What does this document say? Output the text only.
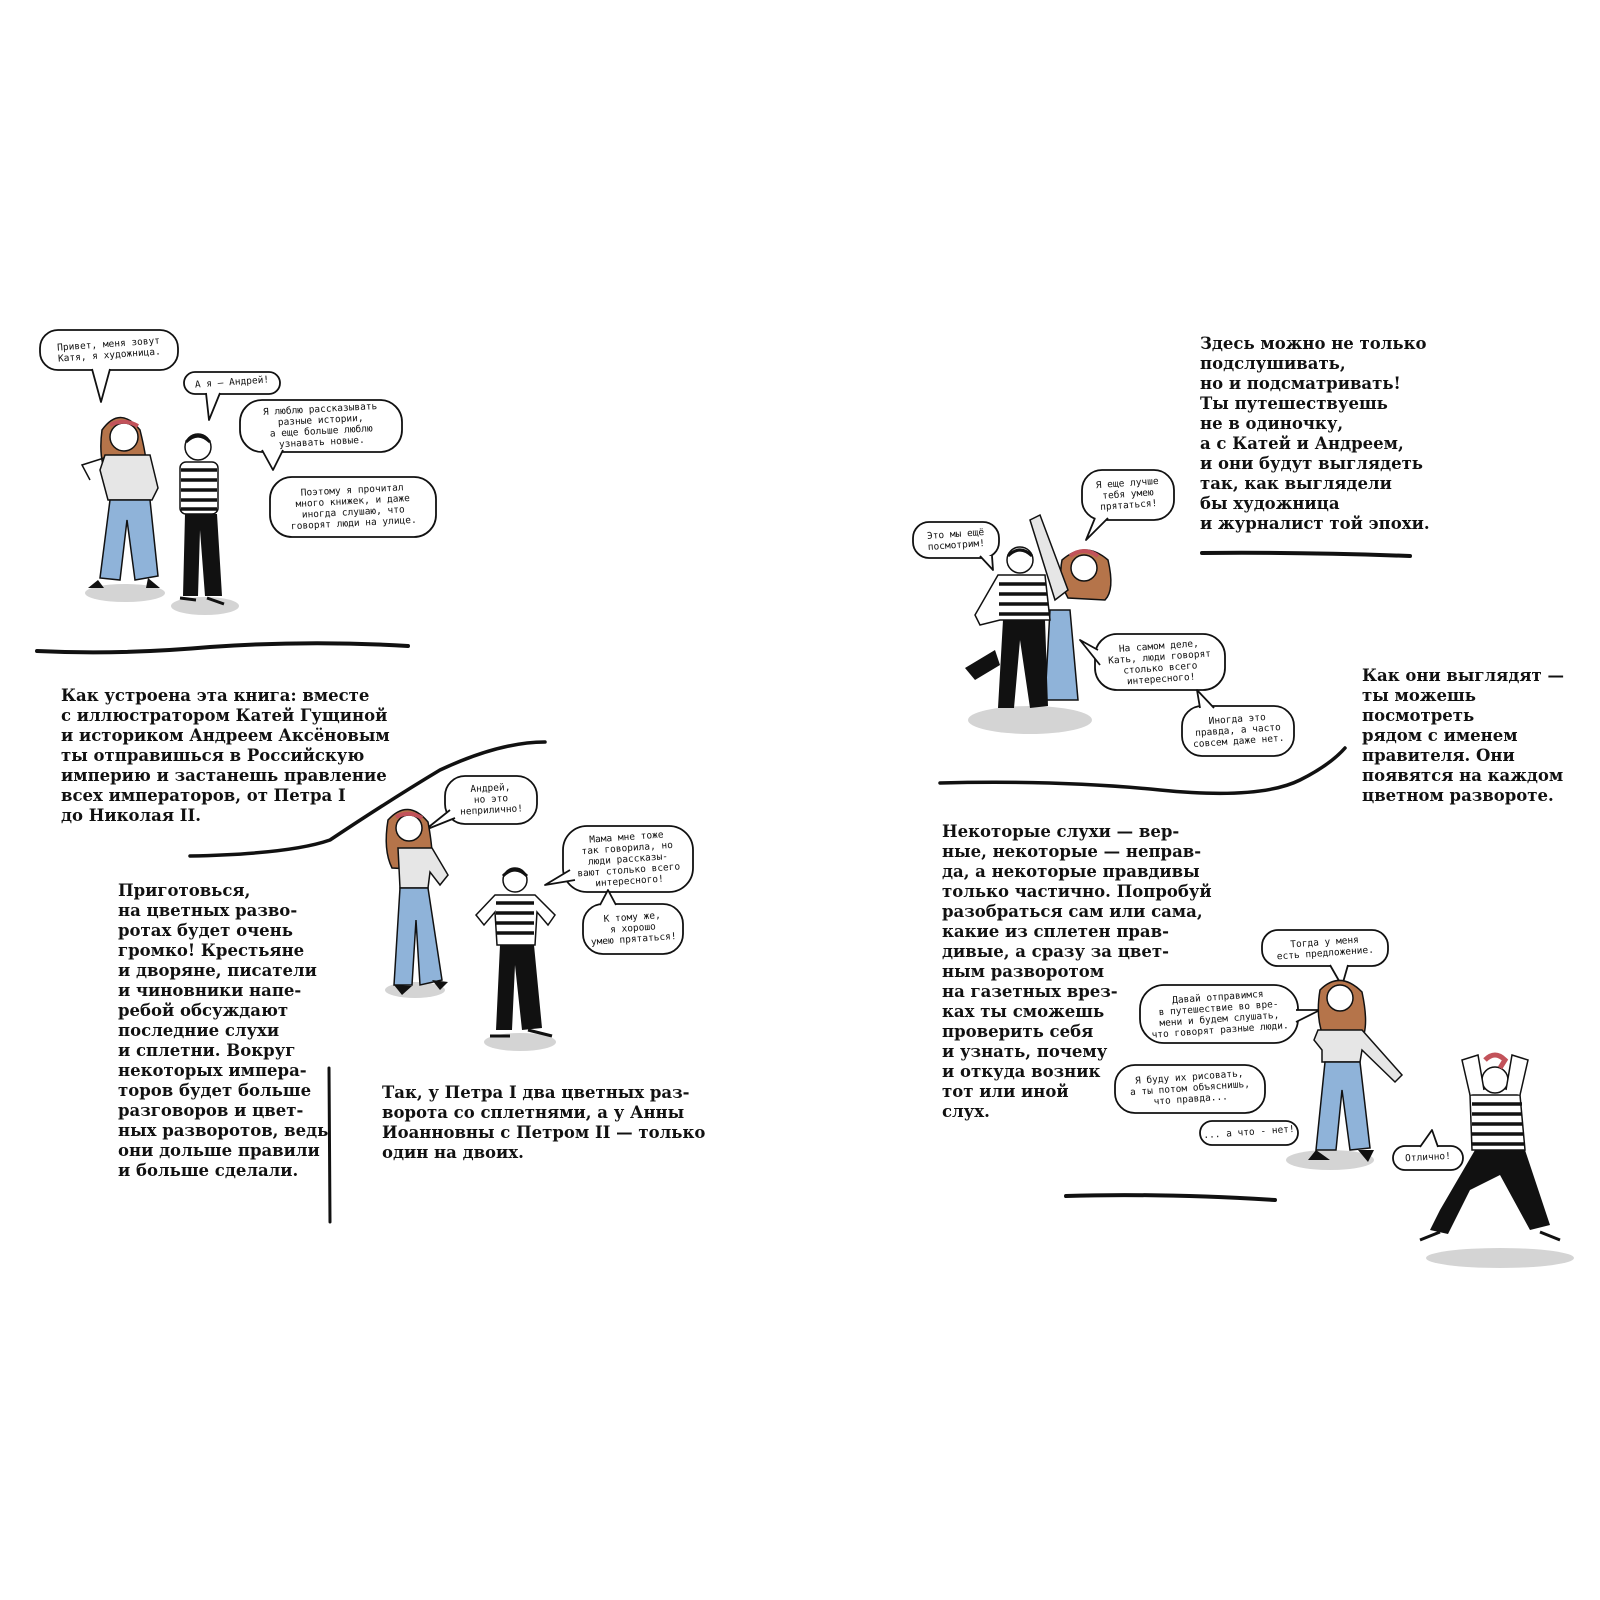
Привет, меня зовут
Катя, я художница.
А я – Андрей!
Я люблю рассказывать
разные истории,
а еще больше люблю
узнавать новые.
Поэтому я прочитал
много книжек, и даже
иногда слушаю, что
говорят люди на улице.
Андрей,
но это
неприлично!
Мама мне тоже
так говорила, но
люди рассказы-
вают столько всего
интересного!
К тому же,
я хорошо
умею прятаться!
Это мы ещё
посмотрим!
Я еще лучше
тебя умею
прятаться!
На самом деле,
Кать, люди говорят
столько всего
интересного!
Иногда это
правда, а часто
совсем даже нет.
Тогда у меня
есть предложение.
Давай отправимся
в путешествие во вре-
мени и будем слушать,
что говорят разные люди.
Я буду их рисовать,
а ты потом объяснишь,
что правда...
... а что - нет!
Отлично!
Как устроена эта книга: вместе
с иллюстратором Катей Гущиной
и историком Андреем Аксёновым
ты отправишься в Российскую
империю и застанешь правление
всех императоров, от Петра I
до Николая II.
Приготовься,
на цветных разво-
ротах будет очень
громко! Крестьяне
и дворяне, писатели
и чиновники напе-
ребой обсуждают
последние слухи
и сплетни. Вокруг
некоторых импера-
торов будет больше
разговоров и цвет-
ных разворотов, ведь
они дольше правили
и больше сделали.
Так, у Петра I два цветных раз-
ворота со сплетнями, а у Анны
Иоанновны с Петром II — только
один на двоих.
Здесь можно не только
подслушивать,
но и подсматривать!
Ты путешествуешь
не в одиночку,
а с Катей и Андреем,
и они будут выглядеть
так, как выглядели
бы художница
и журналист той эпохи.
Как они выглядят —
ты можешь
посмотреть
рядом с именем
правителя. Они
появятся на каждом
цветном развороте.
Некоторые слухи — вер-
ные, некоторые — неправ-
да, а некоторые правдивы
только частично. Попробуй
разобраться сам или сама,
какие из сплетен прав-
дивые, а сразу за цвет-
ным разворотом
на газетных врез-
ках ты сможешь
проверить себя
и узнать, почему
и откуда возник
тот или иной
слух.
